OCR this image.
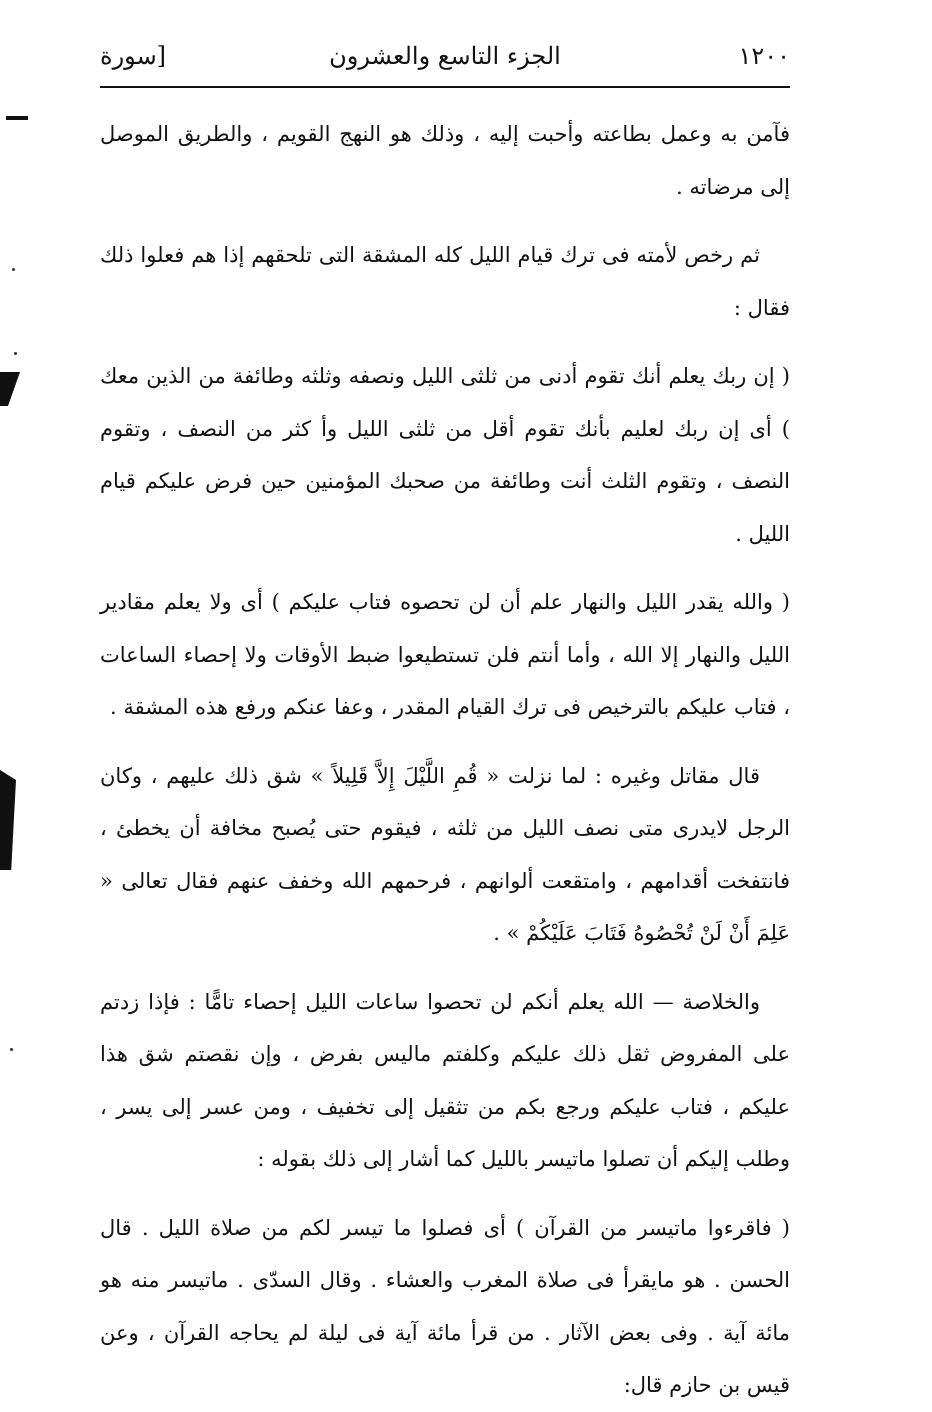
١٢٠٠
الجزء التاسع والعشرون
[سورة

فآمن به وعمل بطاعته وأحبت إليه ، وذلك هو النهج القويم ، والطريق الموصل إلى مرضاته .

ثم رخص لأمته فى ترك قيام الليل كله المشقة التى تلحقهم إذا هم فعلوا ذلك فقال :

( إن ربك يعلم أنك تقوم أدنى من ثلثى الليل ونصفه وثلثه وطائفة من الذين معك ) أى إن ربك لعليم بأنك تقوم أقل من ثلثى الليل وأ كثر من النصف ، وتقوم النصف ، وتقوم الثلث أنت وطائفة من صحبك المؤمنين حين فرض عليكم قيام الليل .

( والله يقدر الليل والنهار علم أن لن تحصوه فتاب عليكم ) أى ولا يعلم مقادير الليل والنهار إلا الله ، وأما أنتم فلن تستطيعوا ضبط الأوقات ولا إحصاء الساعات ، فتاب عليكم بالترخيص فى ترك القيام المقدر ، وعفا عنكم ورفع هذه المشقة .

قال مقاتل وغيره : لما نزلت « قُمِ اللَّيْلَ إِلاَّ قَلِيلاً » شق ذلك عليهم ، وكان الرجل لايدرى متى نصف الليل من ثلثه ، فيقوم حتى يُصبح مخافة أن يخطئ ، فانتفخت أقدامهم ، وامتقعت ألوانهم ، فرحمهم الله وخفف عنهم فقال تعالى « عَلِمَ أَنْ لَنْ تُحْصُوهُ فَتَابَ عَلَيْكُمْ » .

والخلاصة — الله يعلم أنكم لن تحصوا ساعات الليل إحصاء تامًّا : فإذا زدتم على المفروض ثقل ذلك عليكم وكلفتم ماليس بفرض ، وإن نقصتم شق هذا عليكم ، فتاب عليكم ورجع بكم من تثقيل إلى تخفيف ، ومن عسر إلى يسر ، وطلب إليكم أن تصلوا ماتيسر بالليل كما أشار إلى ذلك بقوله :

( فاقرءوا ماتيسر من القرآن ) أى فصلوا ما تيسر لكم من صلاة الليل . قال الحسن . هو مايقرأ فى صلاة المغرب والعشاء . وقال السدّى . ماتيسر منه هو مائة آية . وفى بعض الآثار . من قرأ مائة آية فى ليلة لم يحاجه القرآن ، وعن قيس بن حازم قال:
